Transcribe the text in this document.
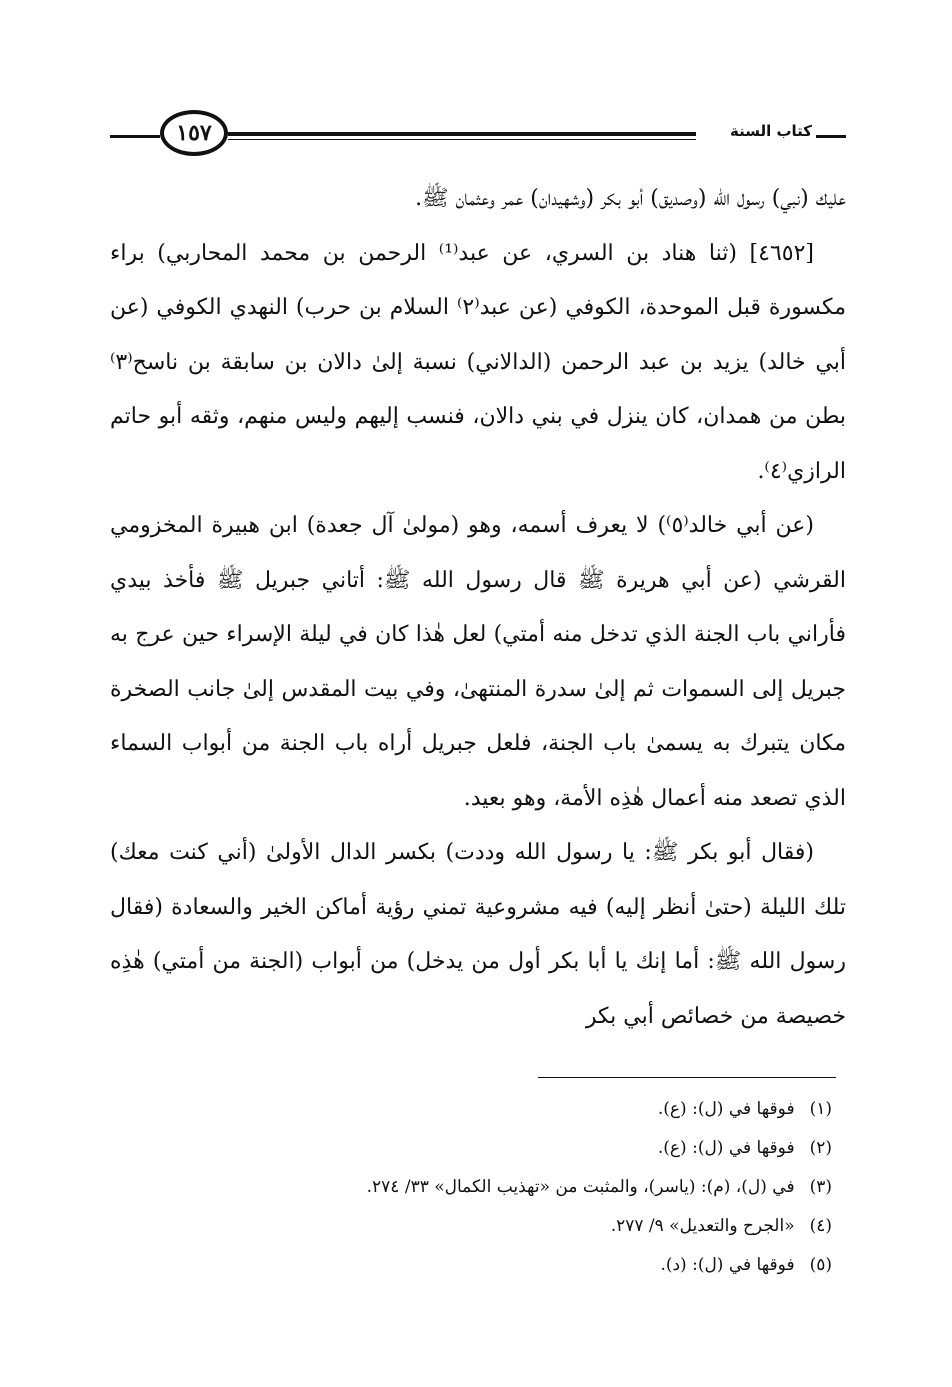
١٥٧	كتاب السنة

عليك (نبي) رسول الله (وصديق) أبو بكر (وشهيدان) عمر وعثمان ﷺ.

[٤٦٥٢] (ثنا هناد بن السري، عن عبد⁽¹⁾ الرحمن بن محمد المحاربي) براء مكسورة قبل الموحدة، الكوفي (عن عبد⁽٢⁾ السلام بن حرب) النهدي الكوفي (عن أبي خالد) يزيد بن عبد الرحمن (الدالاني) نسبة إلىٰ دالان بن سابقة بن ناسح⁽٣⁾ بطن من همدان، كان ينزل في بني دالان، فنسب إليهم وليس منهم، وثقه أبو حاتم الرازي⁽٤⁾.

(عن أبي خالد⁽٥⁾) لا يعرف أسمه، وهو (مولىٰ آل جعدة) ابن هبيرة المخزومي القرشي (عن أبي هريرة ﷺ قال رسول الله ﷺ: أتاني جبريل ﷺ فأخذ بيدي فأراني باب الجنة الذي تدخل منه أمتي) لعل هٰذا كان في ليلة الإسراء حين عرج به جبريل إلى السموات ثم إلىٰ سدرة المنتهىٰ، وفي بيت المقدس إلىٰ جانب الصخرة مكان يتبرك به يسمىٰ باب الجنة، فلعل جبريل أراه باب الجنة من أبواب السماء الذي تصعد منه أعمال هٰذِه الأمة، وهو بعيد.

(فقال أبو بكر ﷺ: يا رسول الله وددت) بكسر الدال الأولىٰ (أني كنت معك) تلك الليلة (حتىٰ أنظر إليه) فيه مشروعية تمني رؤية أماكن الخير والسعادة (فقال رسول الله ﷺ: أما إنك يا أبا بكر أول من يدخل) من أبواب (الجنة من أمتي) هٰذِه خصيصة من خصائص أبي بكر

(١) فوقها في (ل): (ع).

(٢) فوقها في (ل): (ع).

(٣) في (ل)، (م): (ياسر)، والمثبت من «تهذيب الكمال» ٣٣/ ٢٧٤.

(٤) «الجرح والتعديل» ٩/ ٢٧٧.

(٥) فوقها في (ل): (د).
